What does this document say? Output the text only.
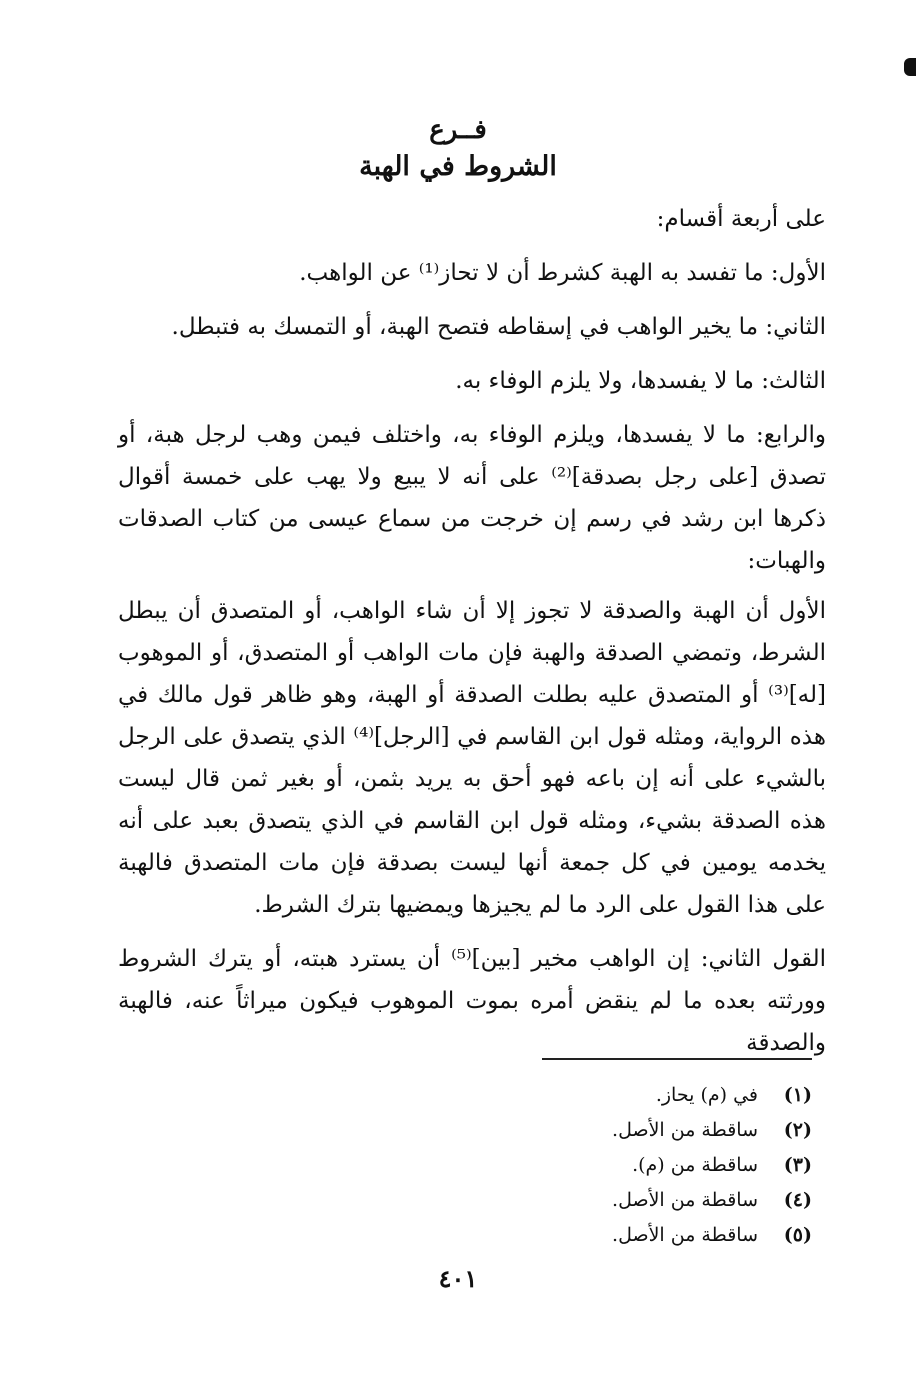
فــرع
الشروط في الهبة

على أربعة أقسام:

الأول: ما تفسد به الهبة كشرط أن لا تحاز⁽¹⁾ عن الواهب.

الثاني: ما يخير الواهب في إسقاطه فتصح الهبة، أو التمسك به فتبطل.

الثالث: ما لا يفسدها، ولا يلزم الوفاء به.

والرابع: ما لا يفسدها، ويلزم الوفاء به، واختلف فيمن وهب لرجل هبة، أو تصدق [على رجل بصدقة]⁽²⁾ على أنه لا يبيع ولا يهب على خمسة أقوال ذكرها ابن رشد في رسم إن خرجت من سماع عيسى من كتاب الصدقات والهبات:

الأول أن الهبة والصدقة لا تجوز إلا أن شاء الواهب، أو المتصدق أن يبطل الشرط، وتمضي الصدقة والهبة فإن مات الواهب أو المتصدق، أو الموهوب [له]⁽³⁾ أو المتصدق عليه بطلت الصدقة أو الهبة، وهو ظاهر قول مالك في هذه الرواية، ومثله قول ابن القاسم في [الرجل]⁽⁴⁾ الذي يتصدق على الرجل بالشيء على أنه إن باعه فهو أحق به يريد بثمن، أو بغير ثمن قال ليست هذه الصدقة بشيء، ومثله قول ابن القاسم في الذي يتصدق بعبد على أنه يخدمه يومين في كل جمعة أنها ليست بصدقة فإن مات المتصدق فالهبة على هذا القول على الرد ما لم يجيزها ويمضيها بترك الشرط.

القول الثاني: إن الواهب مخير [بين]⁽⁵⁾ أن يسترد هبته، أو يترك الشروط وورثته بعده ما لم ينقض أمره بموت الموهوب فيكون ميراثاً عنه، فالهبة والصدقة

(١)
في (م) يحاز.
(٢)
ساقطة من الأصل.
(٣)
ساقطة من (م).
(٤)
ساقطة من الأصل.
(٥)
ساقطة من الأصل.
٤٠١
